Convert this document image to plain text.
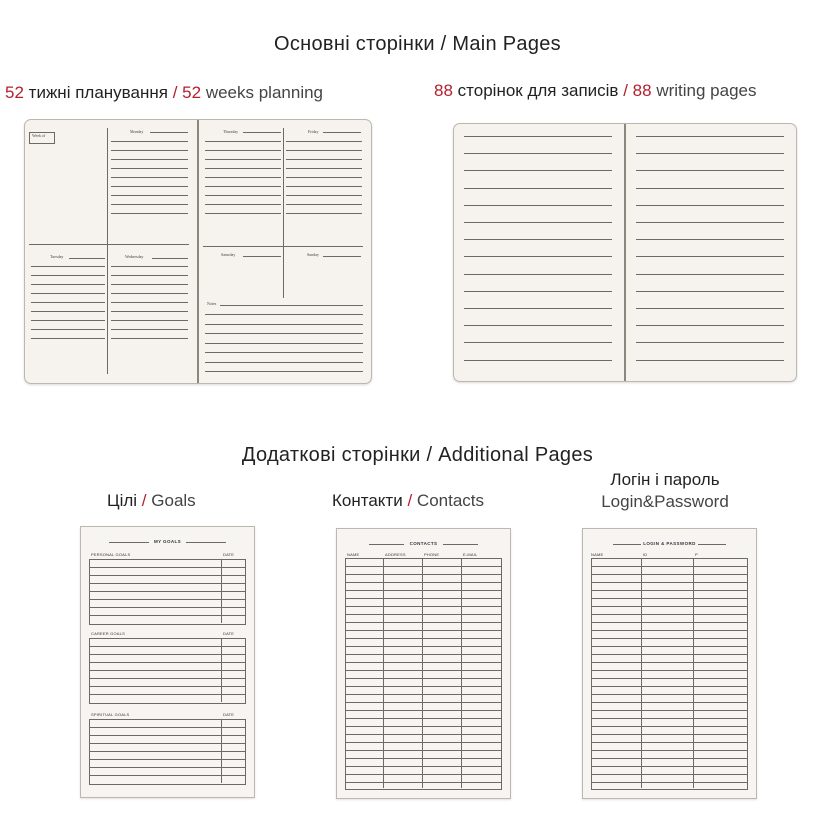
Основні сторінки / Main Pages
52 тижні планування / 52 weeks planning	88 сторінок для записів / 88 writing pages
Week of
Monday
Tuesday	Wednesday
Thursday	Friday
Saturday	Sunday
Notes
Додаткові сторінки / Additional Pages
Цілі / Goals	Контакти / Contacts
Логін і пароль
Login&Password
MY GOALS
PERSONAL GOALS	DATE
CAREER GOALS	DATE
SPIRITUAL GOALS	DATE
CONTACTS
NAME	ADDRESS	PHONE	E-MAIL
LOGIN & PASSWORD
NAME	ID	P
